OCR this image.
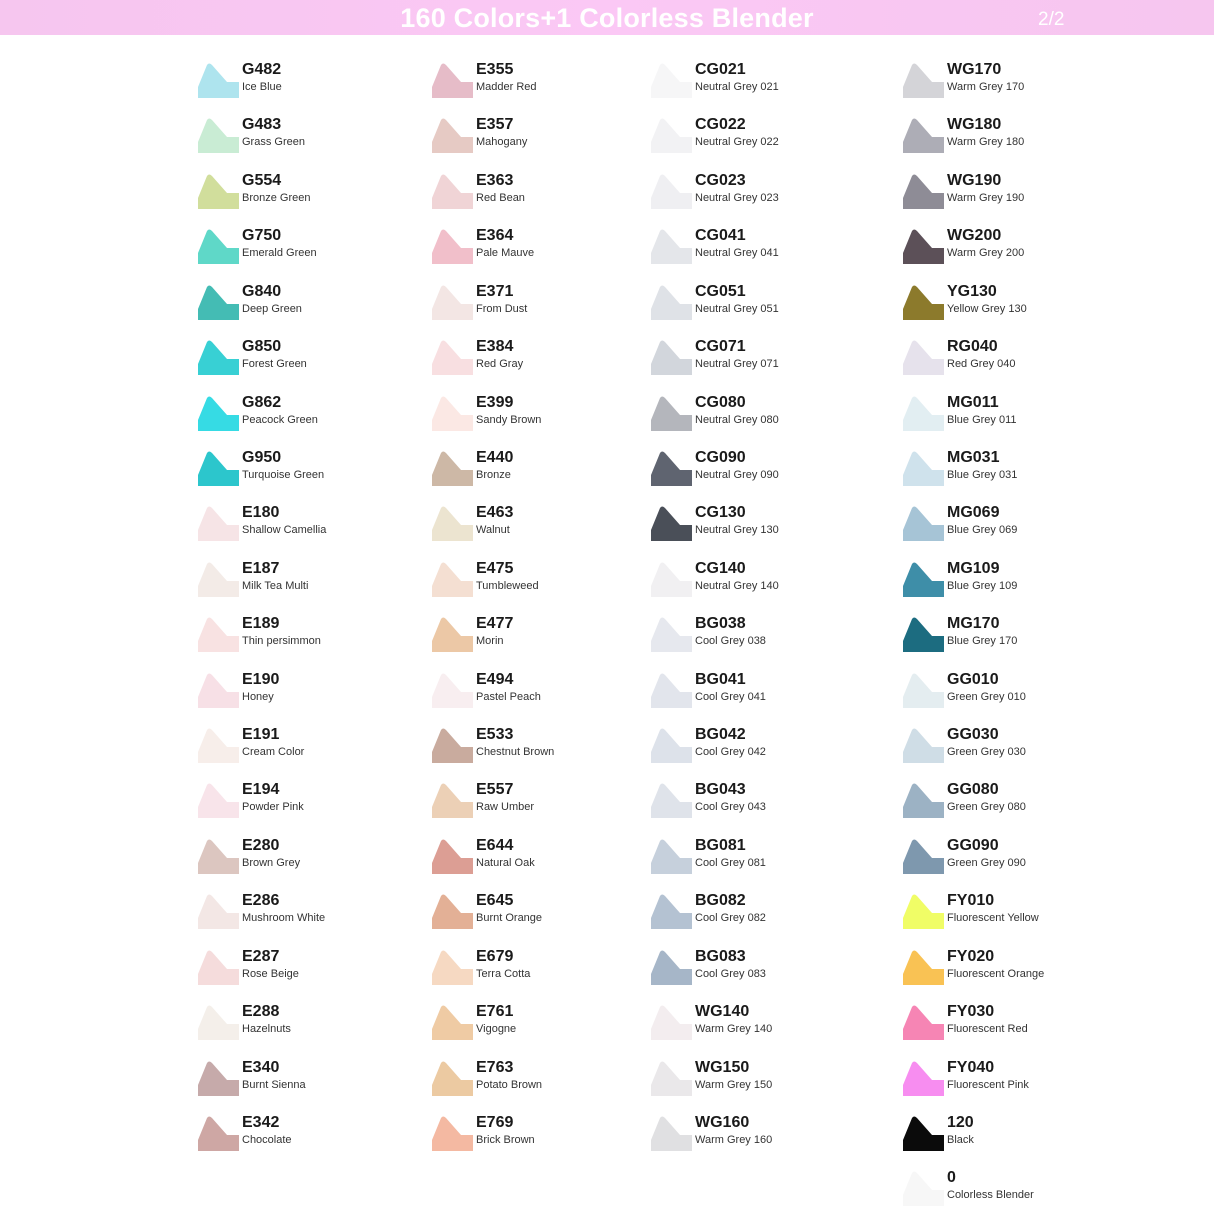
160 Colors+1 Colorless Blender	2/2
G482
Ice Blue
G483
Grass Green
G554
Bronze Green
G750
Emerald Green
G840
Deep Green
G850
Forest Green
G862
Peacock Green
G950
Turquoise Green
E180
Shallow Camellia
E187
Milk Tea Multi
E189
Thin persimmon
E190
Honey
E191
Cream Color
E194
Powder Pink
E280
Brown Grey
E286
Mushroom White
E287
Rose Beige
E288
Hazelnuts
E340
Burnt Sienna
E342
Chocolate
E355
Madder Red
E357
Mahogany
E363
Red Bean
E364
Pale Mauve
E371
From Dust
E384
Red Gray
E399
Sandy Brown
E440
Bronze
E463
Walnut
E475
Tumbleweed
E477
Morin
E494
Pastel Peach
E533
Chestnut Brown
E557
Raw Umber
E644
Natural Oak
E645
Burnt Orange
E679
Terra Cotta
E761
Vigogne
E763
Potato Brown
E769
Brick Brown
CG021
Neutral Grey 021
CG022
Neutral Grey 022
CG023
Neutral Grey 023
CG041
Neutral Grey 041
CG051
Neutral Grey 051
CG071
Neutral Grey 071
CG080
Neutral Grey 080
CG090
Neutral Grey 090
CG130
Neutral Grey 130
CG140
Neutral Grey 140
BG038
Cool Grey 038
BG041
Cool Grey 041
BG042
Cool Grey 042
BG043
Cool Grey 043
BG081
Cool Grey 081
BG082
Cool Grey 082
BG083
Cool Grey 083
WG140
Warm Grey 140
WG150
Warm Grey 150
WG160
Warm Grey 160
WG170
Warm Grey 170
WG180
Warm Grey 180
WG190
Warm Grey 190
WG200
Warm Grey 200
YG130
Yellow Grey 130
RG040
Red Grey 040
MG011
Blue Grey 011
MG031
Blue Grey 031
MG069
Blue Grey 069
MG109
Blue Grey 109
MG170
Blue Grey 170
GG010
Green Grey 010
GG030
Green Grey 030
GG080
Green Grey 080
GG090
Green Grey 090
FY010
Fluorescent Yellow
FY020
Fluorescent Orange
FY030
Fluorescent Red
FY040
Fluorescent Pink
120
Black
0
Colorless Blender
